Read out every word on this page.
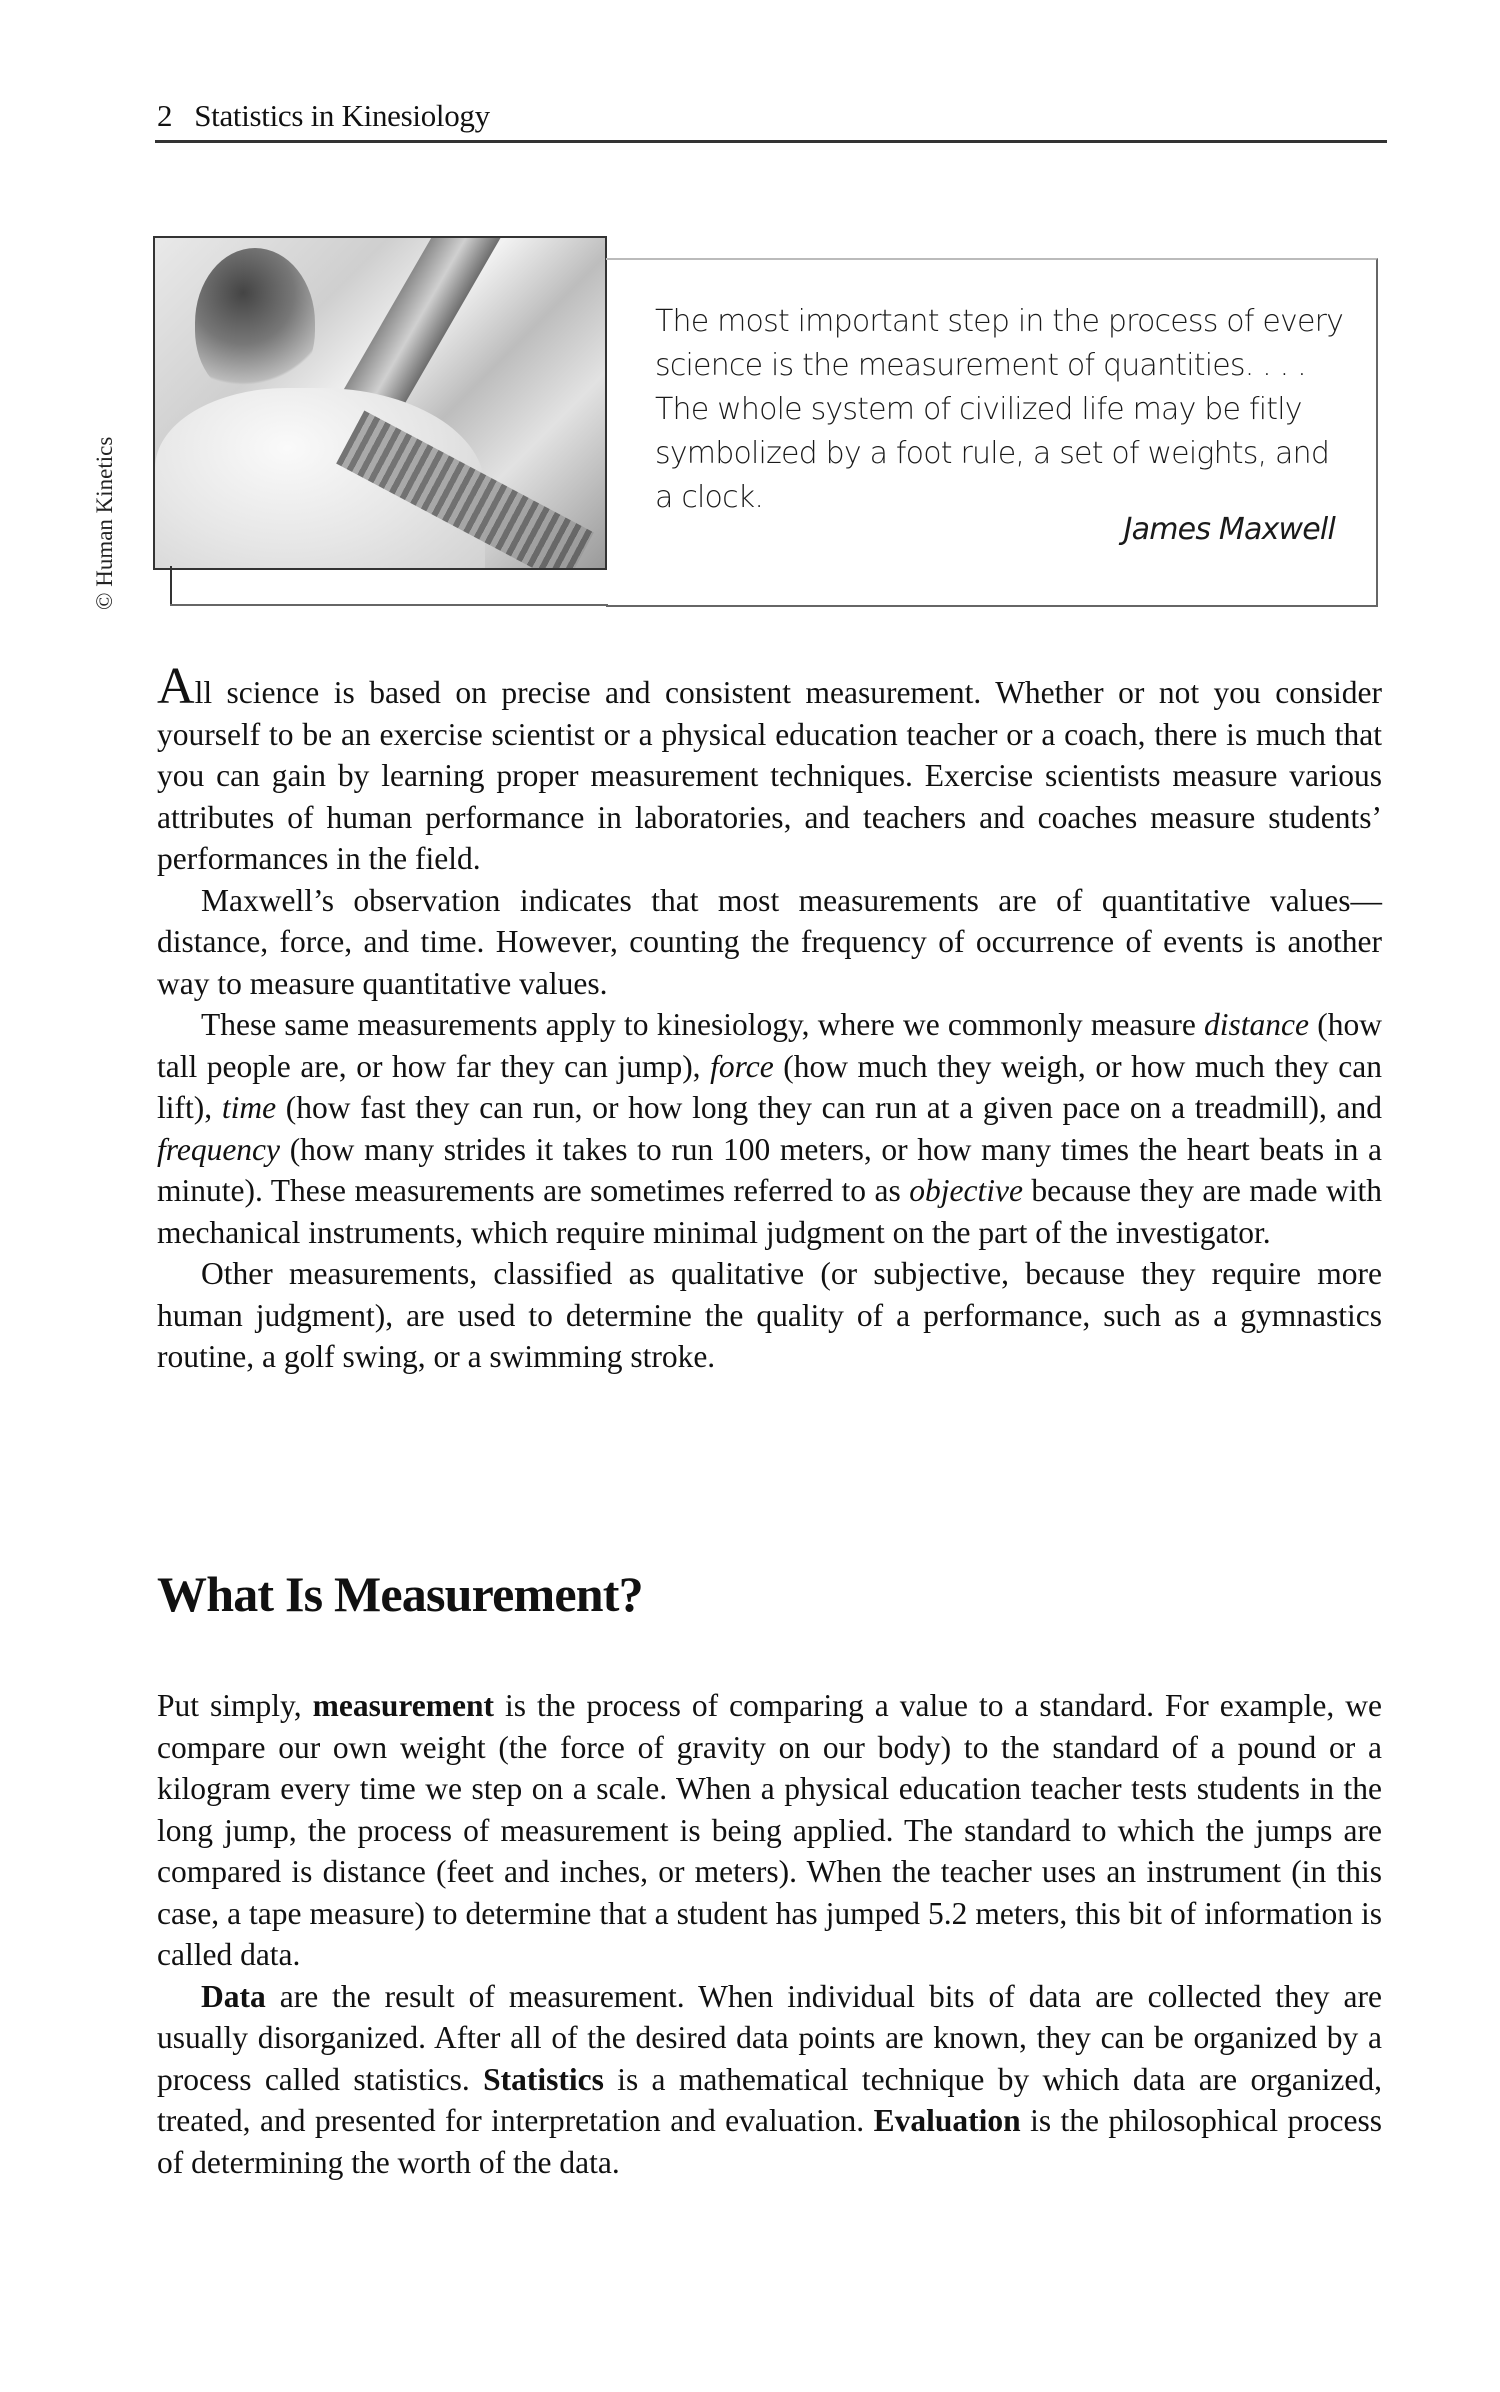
2 Statistics in Kinesiology
© Human Kinetics
The most important step in the process of every science is the measurement of quantities. . . . The whole system of civilized life may be fitly symbolized by a foot rule, a set of weights, and a clock.
James Maxwell

All science is based on precise and consistent measurement. Whether or not you consider yourself to be an exercise scientist or a physical education teacher or a coach, there is much that you can gain by learning proper measurement techniques. Exercise scientists measure various attributes of human performance in laboratories, and teachers and coaches measure students’ performances in the field.

Maxwell’s observation indicates that most measurements are of quantitative values—distance, force, and time. However, counting the frequency of occurrence of events is another way to measure quantitative values.

These same measurements apply to kinesiology, where we commonly measure distance (how tall people are, or how far they can jump), force (how much they weigh, or how much they can lift), time (how fast they can run, or how long they can run at a given pace on a treadmill), and frequency (how many strides it takes to run 100 meters, or how many times the heart beats in a minute). These measurements are sometimes referred to as objective because they are made with mechanical instruments, which require minimal judgment on the part of the investigator.

Other measurements, classified as qualitative (or subjective, because they require more human judgment), are used to determine the quality of a performance, such as a gymnastics routine, a golf swing, or a swimming stroke.

What Is Measurement?

Put simply, measurement is the process of comparing a value to a standard. For example, we compare our own weight (the force of gravity on our body) to the standard of a pound or a kilogram every time we step on a scale. When a physical education teacher tests students in the long jump, the process of measurement is being applied. The standard to which the jumps are compared is distance (feet and inches, or meters). When the teacher uses an instrument (in this case, a tape measure) to determine that a student has jumped 5.2 meters, this bit of information is called data.

Data are the result of measurement. When individual bits of data are collected they are usually disorganized. After all of the desired data points are known, they can be organized by a process called statistics. Statistics is a mathematical technique by which data are organized, treated, and presented for interpretation and evaluation. Evaluation is the philosophical process of determining the worth of the data.
